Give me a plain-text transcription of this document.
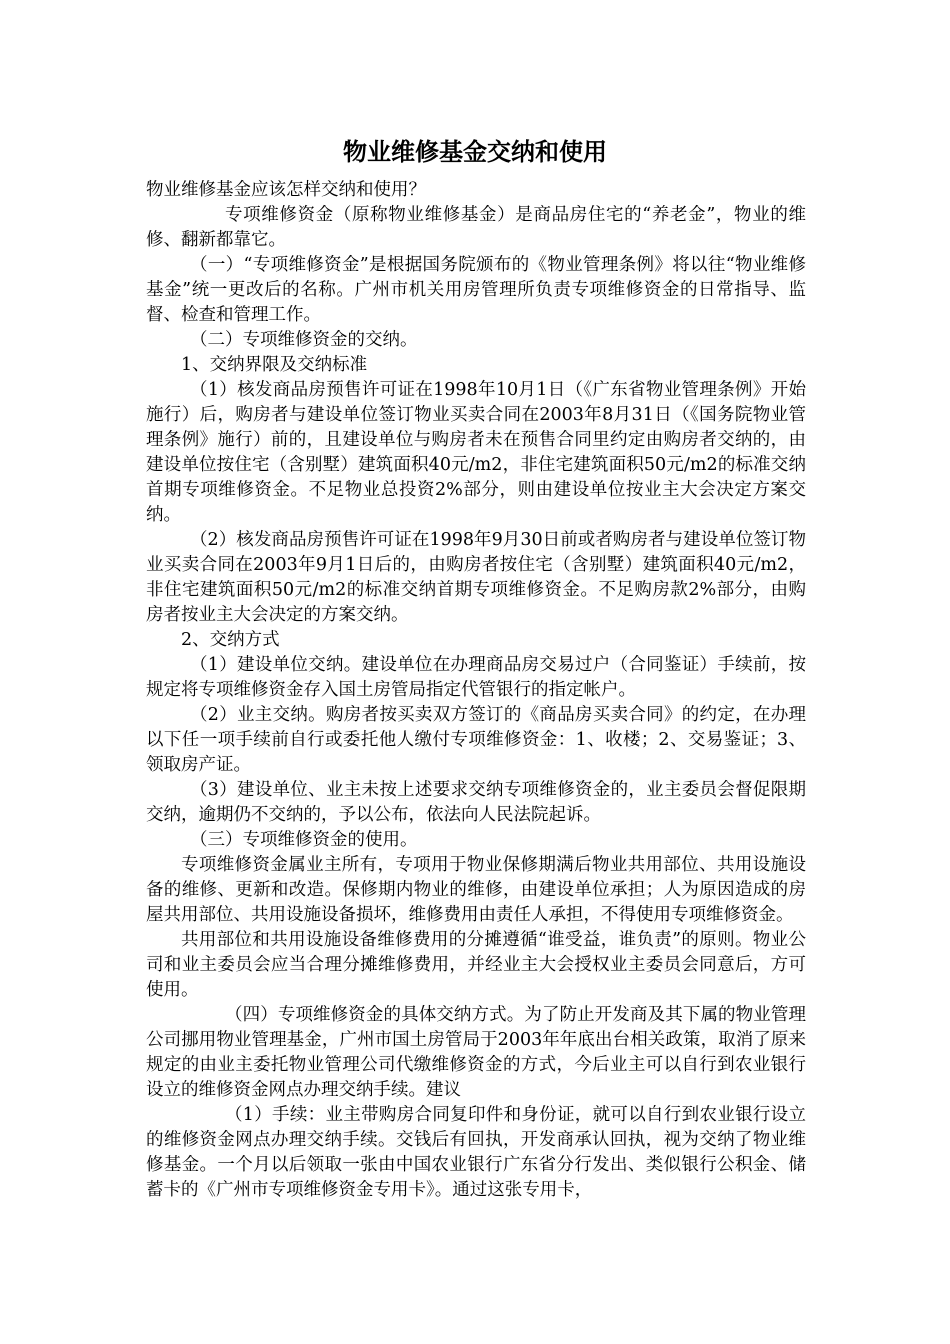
物业维修基金交纳和使用

物业维修基金应该怎样交纳和使用？

专项维修资金（原称物业维修基金）是商品房住宅的“养老金”，物业的维修、翻新都靠它。

（一）“专项维修资金”是根据国务院颁布的《物业管理条例》将以往“物业维修基金”统一更改后的名称。广州市机关用房管理所负责专项维修资金的日常指导、监督、检查和管理工作。

（二）专项维修资金的交纳。

1、交纳界限及交纳标准

（1）核发商品房预售许可证在1998年10月1日（《广东省物业管理条例》开始施行）后，购房者与建设单位签订物业买卖合同在2003年8月31日（《国务院物业管理条例》施行）前的，且建设单位与购房者未在预售合同里约定由购房者交纳的，由建设单位按住宅（含别墅）建筑面积40元/m2，非住宅建筑面积50元/m2的标准交纳首期专项维修资金。不足物业总投资2%部分，则由建设单位按业主大会决定方案交纳。

（2）核发商品房预售许可证在1998年9月30日前或者购房者与建设单位签订物业买卖合同在2003年9月1日后的，由购房者按住宅（含别墅）建筑面积40元/m2，非住宅建筑面积50元/m2的标准交纳首期专项维修资金。不足购房款2%部分，由购房者按业主大会决定的方案交纳。

2、交纳方式

（1）建设单位交纳。建设单位在办理商品房交易过户（合同鉴证）手续前，按规定将专项维修资金存入国土房管局指定代管银行的指定帐户。

（2）业主交纳。购房者按买卖双方签订的《商品房买卖合同》的约定，在办理以下任一项手续前自行或委托他人缴付专项维修资金：1、收楼；2、交易鉴证；3、领取房产证。

（3）建设单位、业主未按上述要求交纳专项维修资金的，业主委员会督促限期交纳，逾期仍不交纳的，予以公布，依法向人民法院起诉。

（三）专项维修资金的使用。

专项维修资金属业主所有，专项用于物业保修期满后物业共用部位、共用设施设备的维修、更新和改造。保修期内物业的维修，由建设单位承担；人为原因造成的房屋共用部位、共用设施设备损坏，维修费用由责任人承担，不得使用专项维修资金。

共用部位和共用设施设备维修费用的分摊遵循“谁受益，谁负责”的原则。物业公司和业主委员会应当合理分摊维修费用，并经业主大会授权业主委员会同意后，方可使用。

（四）专项维修资金的具体交纳方式。为了防止开发商及其下属的物业管理公司挪用物业管理基金，广州市国土房管局于2003年年底出台相关政策，取消了原来规定的由业主委托物业管理公司代缴维修资金的方式，今后业主可以自行到农业银行设立的维修资金网点办理交纳手续。建议

（1）手续：业主带购房合同复印件和身份证，就可以自行到农业银行设立的维修资金网点办理交纳手续。交钱后有回执，开发商承认回执，视为交纳了物业维修基金。一个月以后领取一张由中国农业银行广东省分行发出、类似银行公积金、储蓄卡的《广州市专项维修资金专用卡》。通过这张专用卡，
